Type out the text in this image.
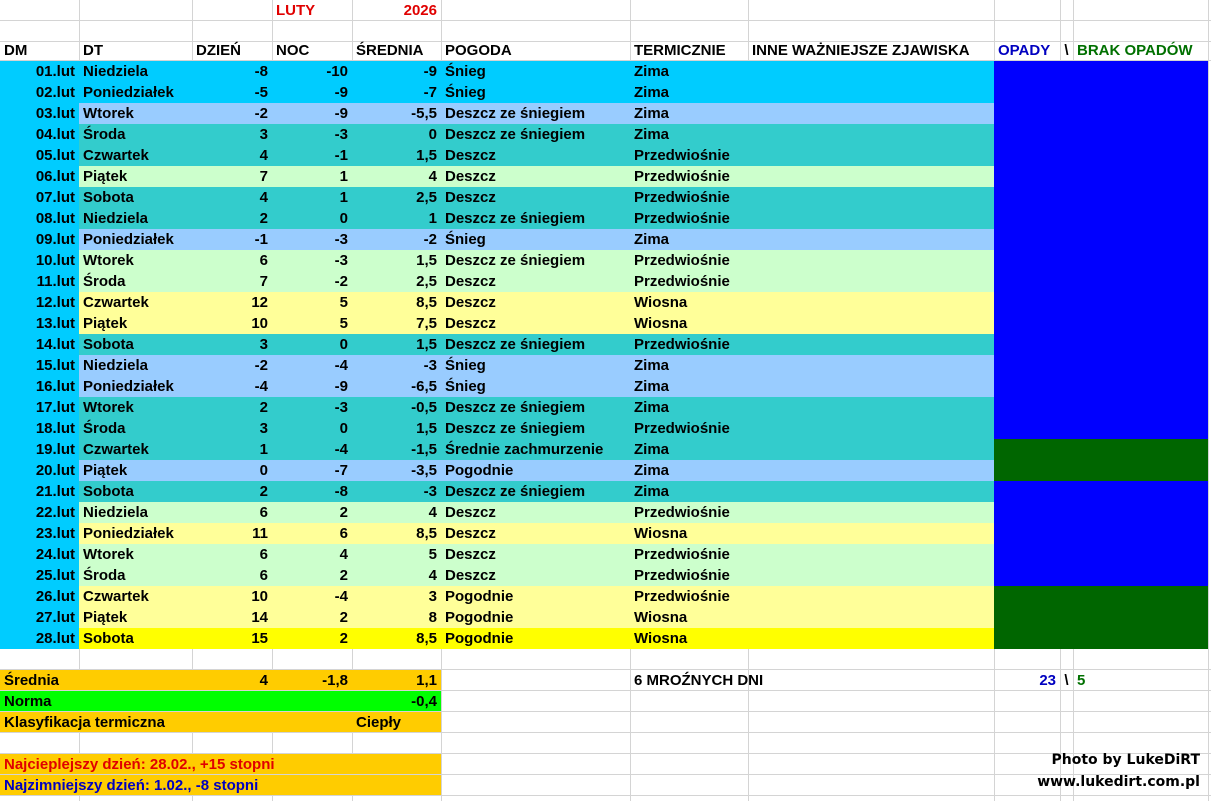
LUTY	2026
DM	DT	DZIEŃ	NOC	ŚREDNIA	POGODA	TERMICZNIE	INNE WAŻNIEJSZE ZJAWISKA	OPADY \ BRAK OPADÓW
01.lut Niedziela	-8	-10	-9 Śnieg	Zima
02.lut Poniedziałek	-5	-9	-7 Śnieg	Zima
03.lut Wtorek	-2	-9	-5,5 Deszcz ze śniegiem	Zima
04.lut Środa	3	-3	0 Deszcz ze śniegiem	Zima
05.lut Czwartek	4	-1	1,5 Deszcz	Przedwiośnie
06.lut Piątek	7	1	4 Deszcz	Przedwiośnie
07.lut Sobota	4	1	2,5 Deszcz	Przedwiośnie
08.lut Niedziela	2	0	1 Deszcz ze śniegiem	Przedwiośnie
09.lut Poniedziałek	-1	-3	-2 Śnieg	Zima
10.lut Wtorek	6	-3	1,5 Deszcz ze śniegiem	Przedwiośnie
11.lut Środa	7	-2	2,5 Deszcz	Przedwiośnie
12.lut Czwartek	12	5	8,5 Deszcz	Wiosna
13.lut Piątek	10	5	7,5 Deszcz	Wiosna
14.lut Sobota	3	0	1,5 Deszcz ze śniegiem	Przedwiośnie
15.lut Niedziela	-2	-4	-3 Śnieg	Zima
16.lut Poniedziałek	-4	-9	-6,5 Śnieg	Zima
17.lut Wtorek	2	-3	-0,5 Deszcz ze śniegiem	Zima
18.lut Środa	3	0	1,5 Deszcz ze śniegiem	Przedwiośnie
19.lut Czwartek	1	-4	-1,5 Średnie zachmurzenie	Zima
20.lut Piątek	0	-7	-3,5 Pogodnie	Zima
21.lut Sobota	2	-8	-3 Deszcz ze śniegiem	Zima
22.lut Niedziela	6	2	4 Deszcz	Przedwiośnie
23.lut Poniedziałek	11	6	8,5 Deszcz	Wiosna
24.lut Wtorek	6	4	5 Deszcz	Przedwiośnie
25.lut Środa	6	2	4 Deszcz	Przedwiośnie
26.lut Czwartek	10	-4	3 Pogodnie	Przedwiośnie
27.lut Piątek	14	2	8 Pogodnie	Wiosna
28.lut Sobota	15	2	8,5 Pogodnie	Wiosna
Średnia	4	-1,8	1,1	6 MROŹNYCH DNI	23 \ 5
Norma	-0,4
Klasyfikacja termiczna	Ciepły
Najcieplejszy dzień: 28.02., +15 stopni	Photo by LukeDiRT
Najzimniejszy dzień: 1.02., -8 stopni	www.lukedirt.com.pl
